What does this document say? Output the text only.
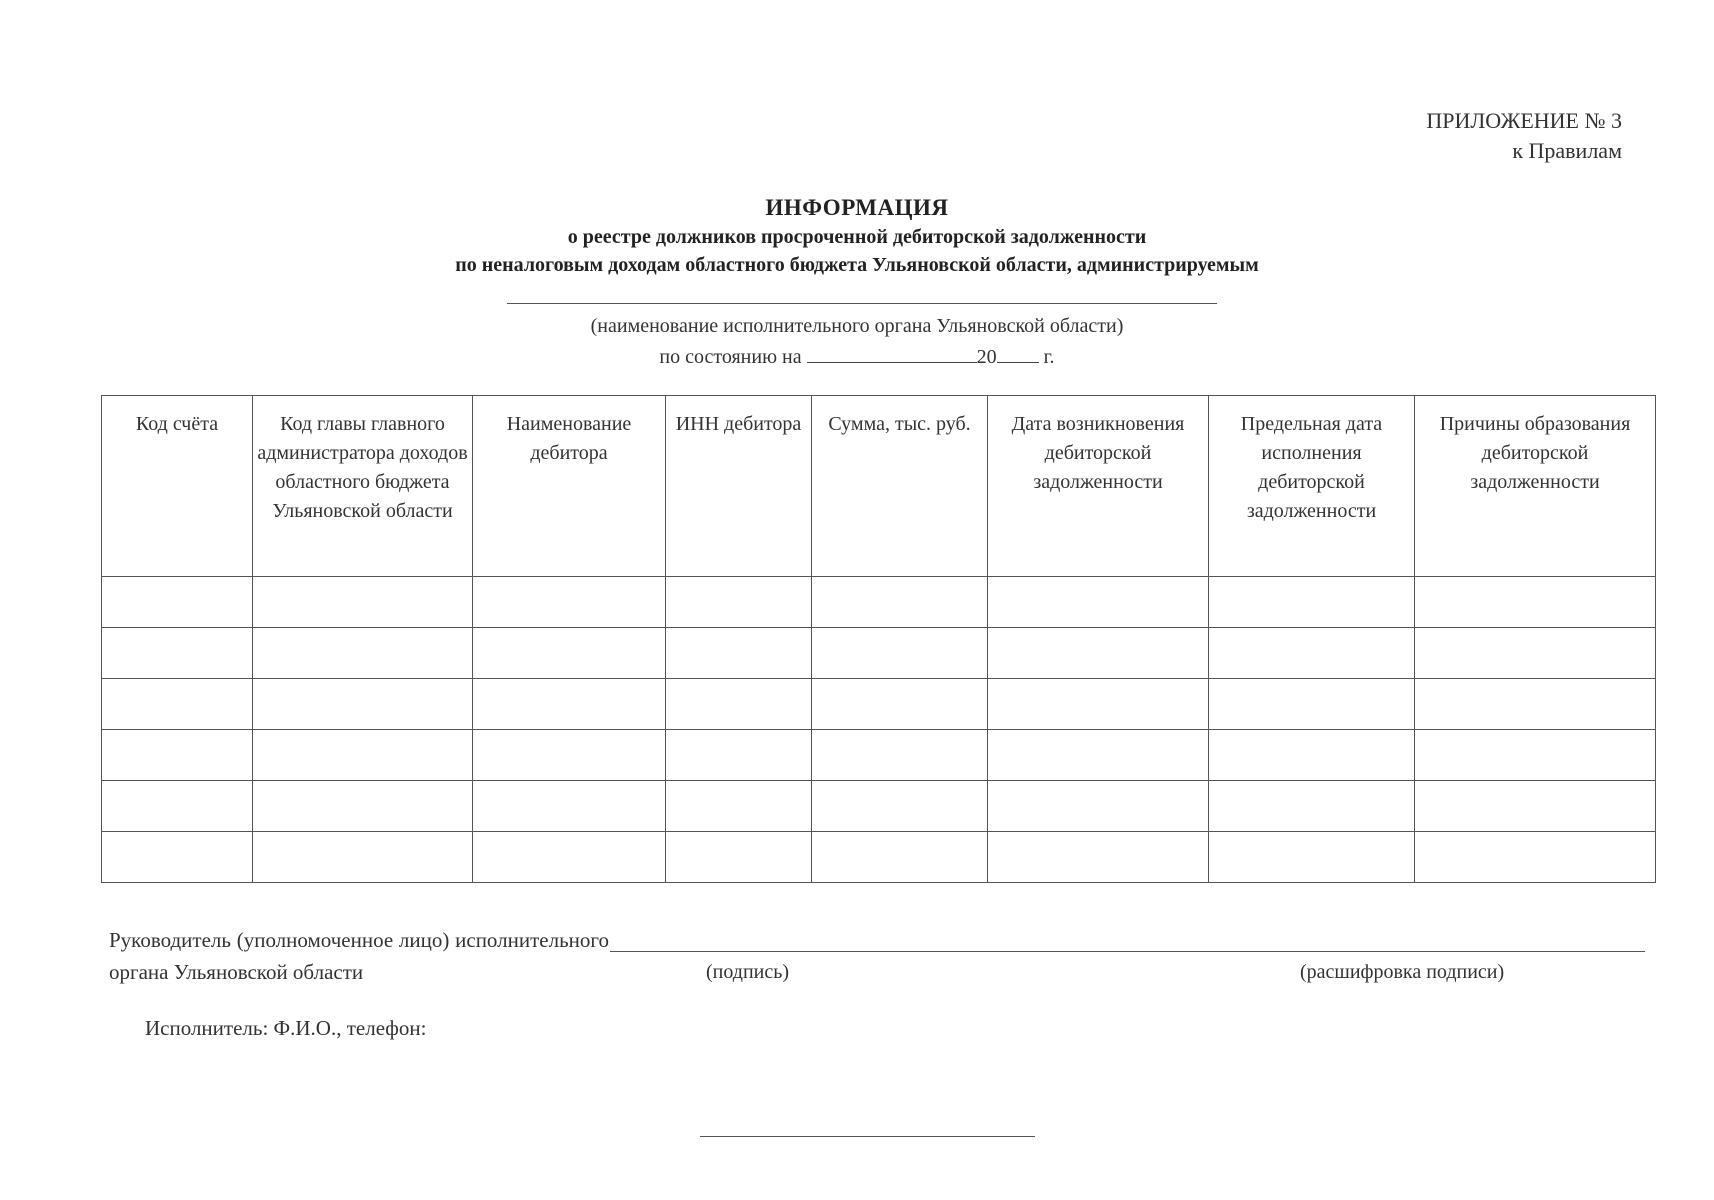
ПРИЛОЖЕНИЕ № 3
к Правилам
ИНФОРМАЦИЯ
о реестре должников просроченной дебиторской задолженности
по неналоговым доходам областного бюджета Ульяновской области, администрируемым
(наименование исполнительного органа Ульяновской области)
по состоянию на	20 г.
Код счёта	Код главы главного администратора доходов областного бюджета Ульяновской области	Наименование дебитора	ИНН дебитора	Сумма, тыс. руб.	Дата возникновения дебиторской задолженности	Предельная дата исполнения дебиторской задолженности	Причины образования дебиторской задолженности

Руководитель (уполномоченное лицо) исполнительного органа Ульяновской области	(подпись)	(расшифровка подписи)
Исполнитель: Ф.И.О., телефон:
